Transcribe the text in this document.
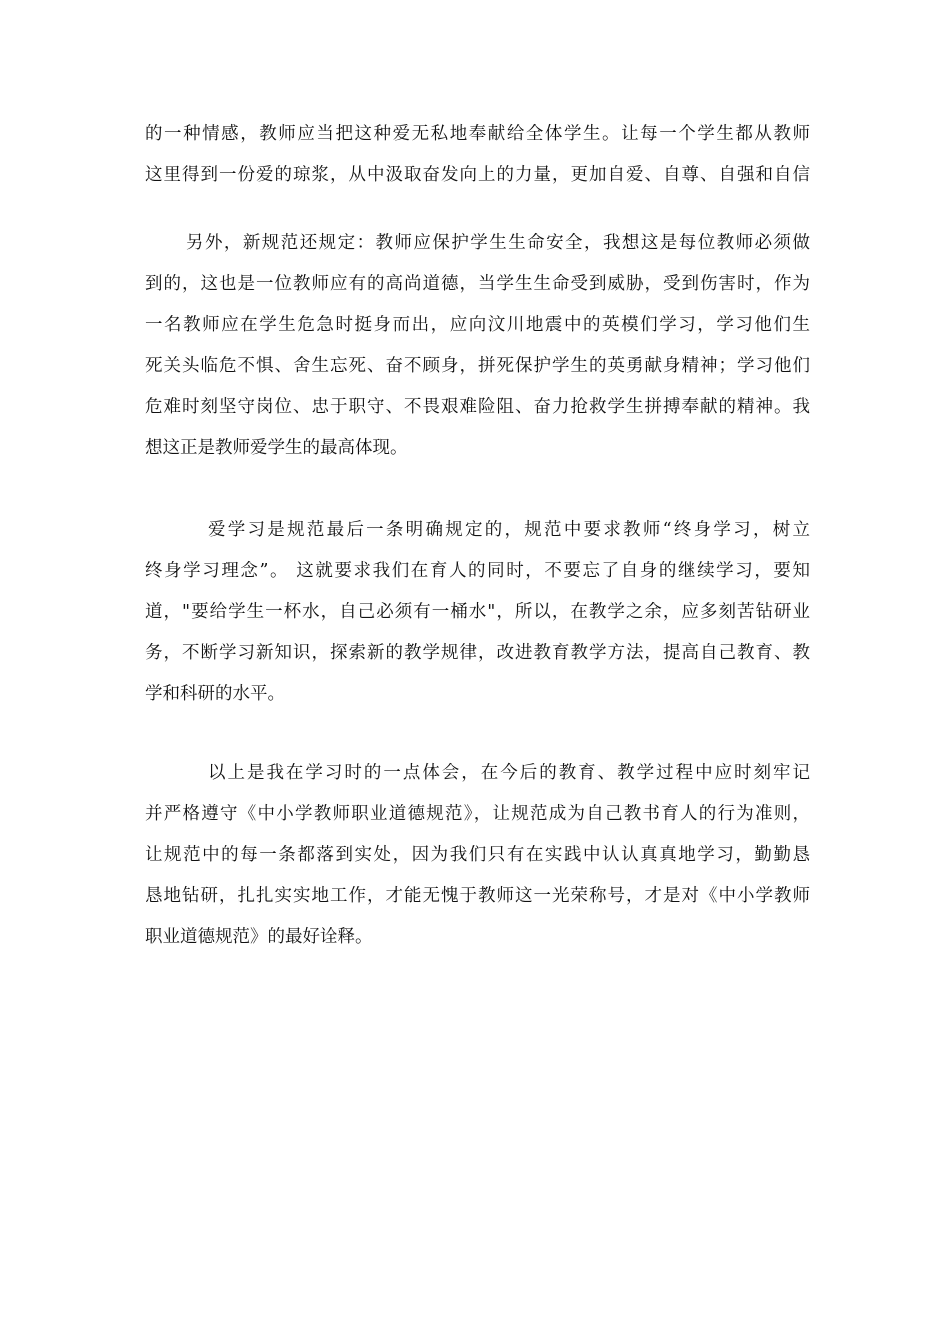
的一种情感，教师应当把这种爱无私地奉献给全体学生。让每一个学生都从教师
这里得到一份爱的琼浆，从中汲取奋发向上的力量，更加自爱、自尊、自强和自信
另外，新规范还规定：教师应保护学生生命安全，我想这是每位教师必须做
到的，这也是一位教师应有的高尚道德，当学生生命受到威胁，受到伤害时，作为
一名教师应在学生危急时挺身而出，应向汶川地震中的英模们学习，学习他们生
死关头临危不惧、舍生忘死、奋不顾身，拼死保护学生的英勇献身精神；学习他们
危难时刻坚守岗位、忠于职守、不畏艰难险阻、奋力抢救学生拼搏奉献的精神。我
想这正是教师爱学生的最高体现。
爱学习是规范最后一条明确规定的，规范中要求教师“终身学习，树立
终身学习理念”。 这就要求我们在育人的同时，不要忘了自身的继续学习，要知
道，"要给学生一杯水，自己必须有一桶水"，所以，在教学之余，应多刻苦钻研业
务，不断学习新知识，探索新的教学规律，改进教育教学方法，提高自己教育、教
学和科研的水平。
以上是我在学习时的一点体会，在今后的教育、教学过程中应时刻牢记
并严格遵守《中小学教师职业道德规范》，让规范成为自己教书育人的行为准则，
让规范中的每一条都落到实处，因为我们只有在实践中认认真真地学习，勤勤恳
恳地钻研，扎扎实实地工作，才能无愧于教师这一光荣称号，才是对《中小学教师
职业道德规范》的最好诠释。
